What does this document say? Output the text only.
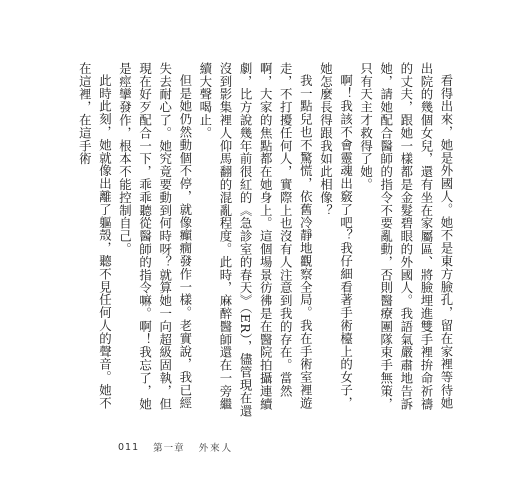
看得出來，她是外國人。她不是東方臉孔，留在家裡等待她出院的幾個女兒，還有坐在家屬區、將臉埋進雙手裡拚命祈禱的丈夫，跟她一樣都是金髮碧眼的外國人。我語氣嚴肅地告訴她，請她配合醫師的指令不要亂動，否則醫療團隊束手無策，只有天主才救得了她。

啊！我該不會靈魂出竅了吧？我仔細看著手術檯上的女子，她怎麼長得跟我如此相像？

我一點兒也不驚慌，依舊冷靜地觀察全局。我在手術室裡遊走，不打擾任何人，實際上也沒有人注意到我的存在。當然啊，大家的焦點都在她身上。這個場景彷彿是在醫院拍攝連續劇，比方說幾年前很紅的《急診室的春天》（ER），儘管現在還沒到影集裡人仰馬翻的混亂程度。此時，麻醉醫師還在一旁繼續大聲喝止。

但是她仍然動個不停，就像癲癇發作一樣。老實說，我已經失去耐心了。她究竟要動到何時呀？就算她一向超級固執，但現在好歹配合一下，乖乖聽從醫師的指令嘛。啊！我忘了，她是痙攣發作，根本不能控制自己。

此時此刻，她就像出離了軀殼，聽不見任何人的聲音。她不在這裡，在這手術

011 第一章 外來人
